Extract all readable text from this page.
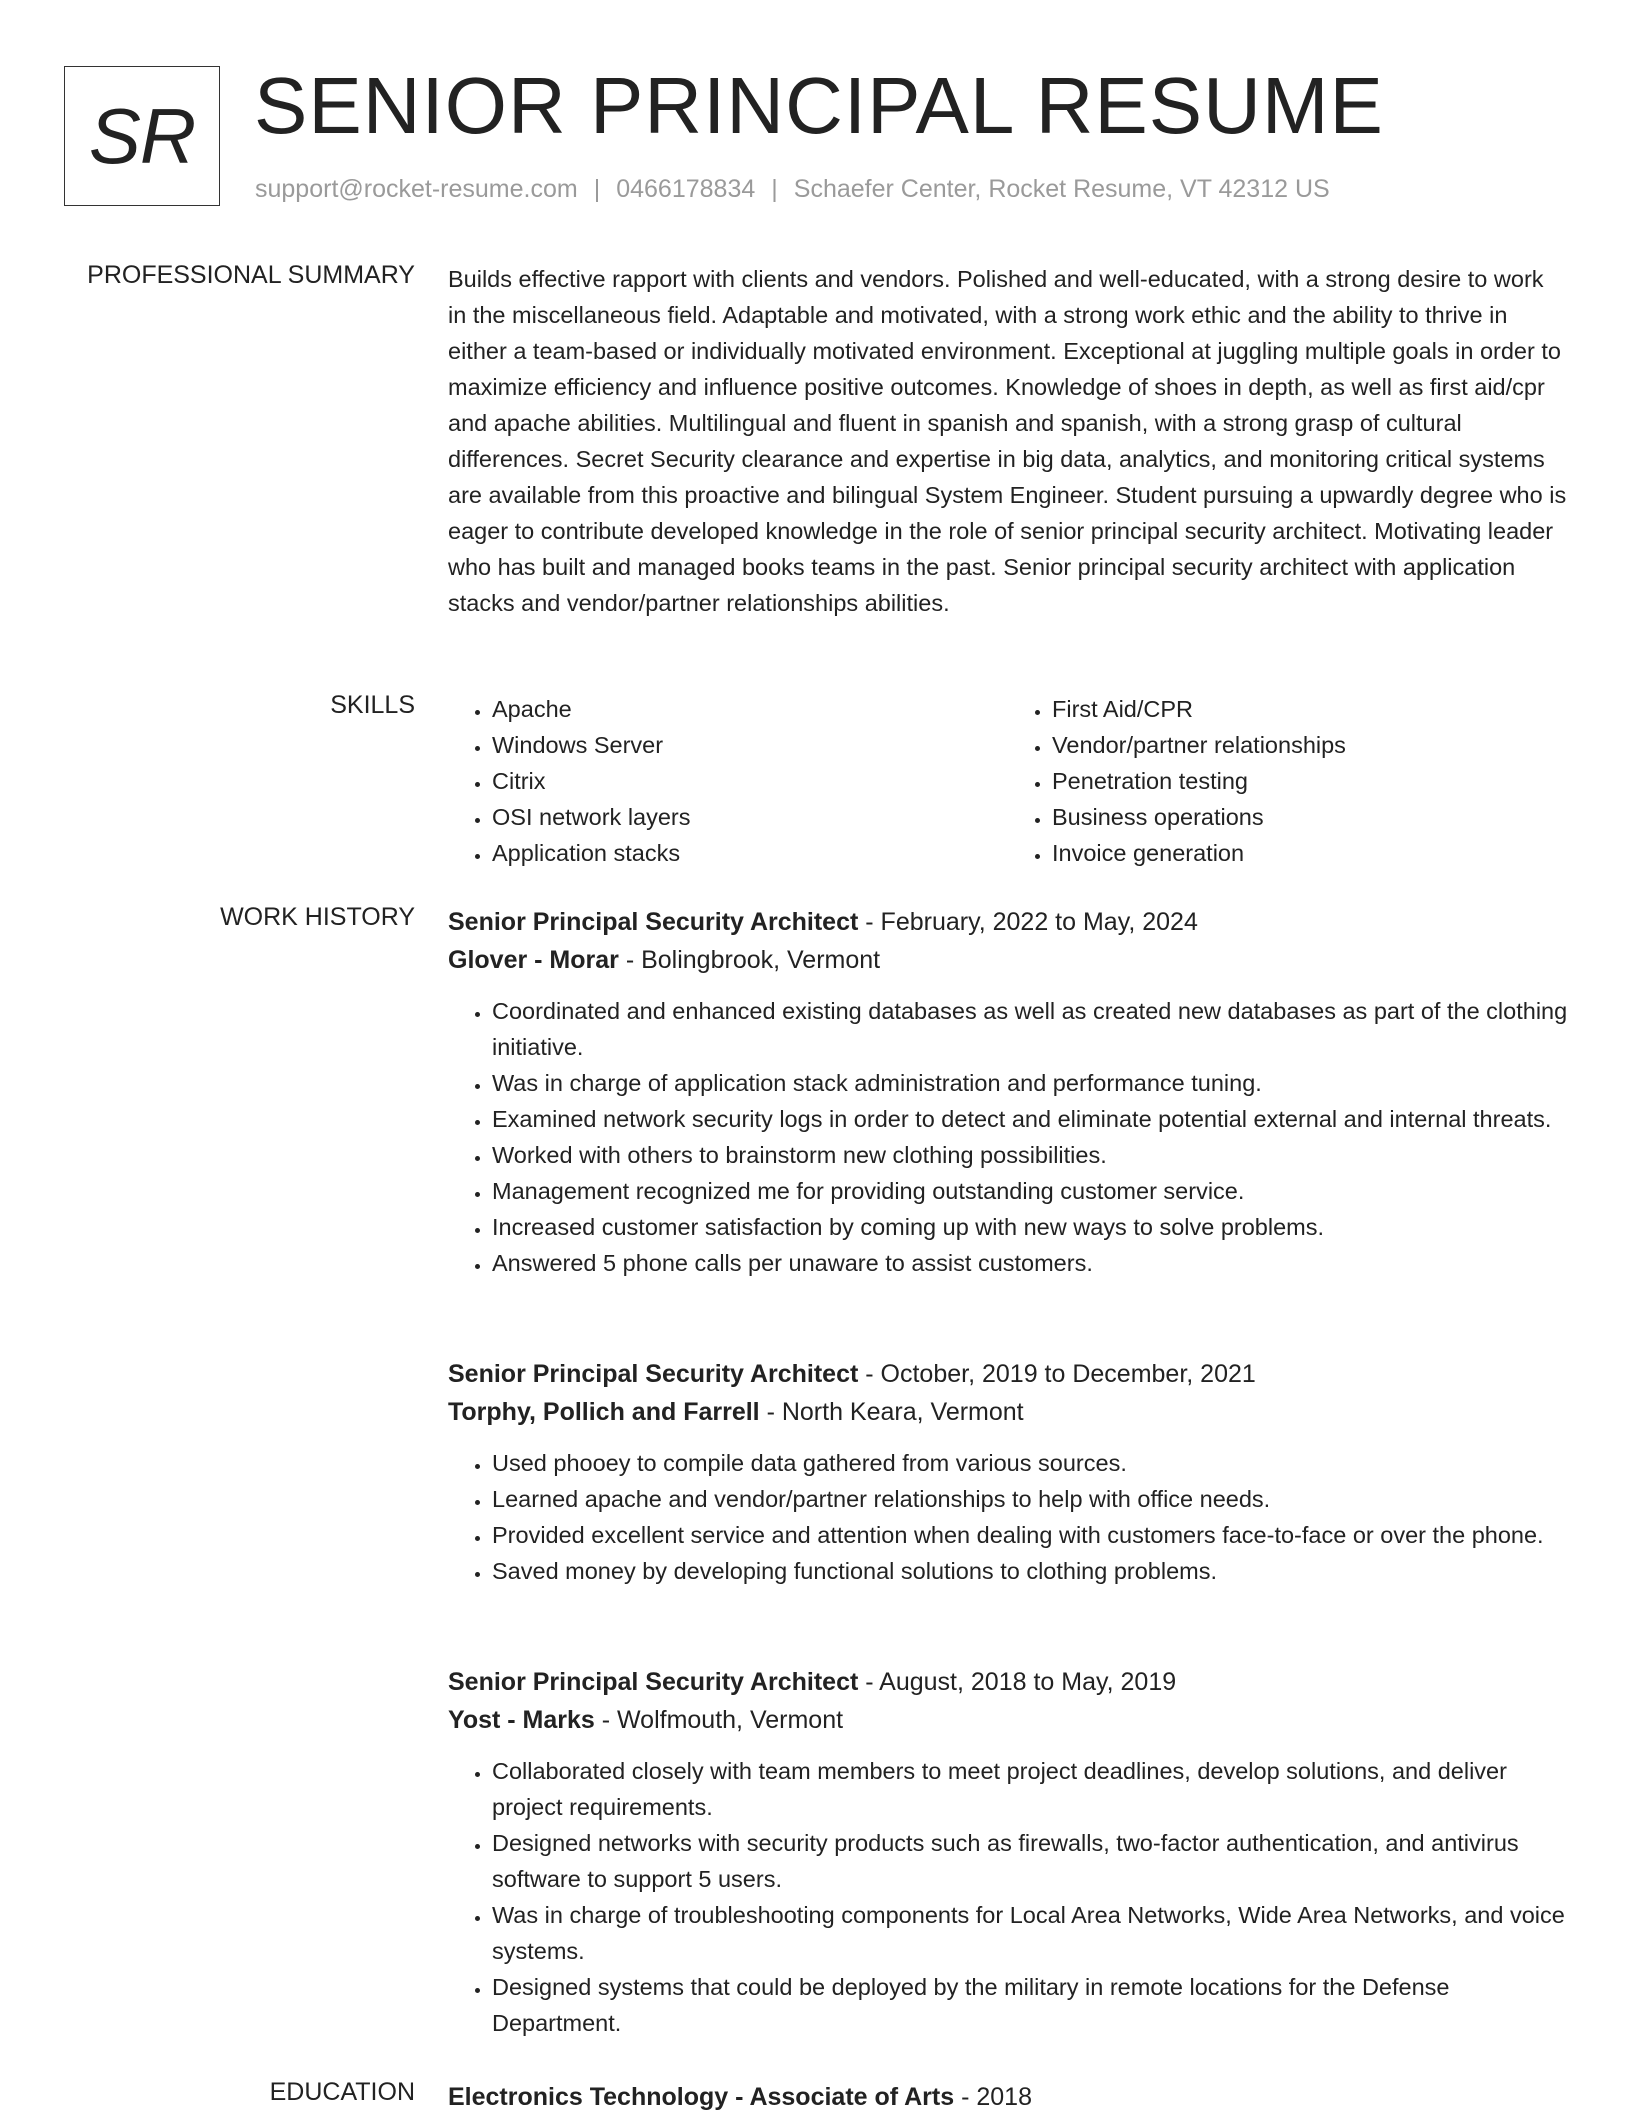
SR SENIOR PRINCIPAL RESUME
support@rocket-resume.com | 0466178834 | Schaefer Center, Rocket Resume, VT 42312 US
PROFESSIONAL SUMMARY Builds effective rapport with clients and vendors. Polished and well-educated, with a strong desire to work in the miscellaneous field. Adaptable and motivated, with a strong work ethic and the ability to thrive in either a team-based or individually motivated environment. Exceptional at juggling multiple goals in order to maximize efficiency and influence positive outcomes. Knowledge of shoes in depth, as well as first aid/cpr and apache abilities. Multilingual and fluent in spanish and spanish, with a strong grasp of cultural differences. Secret Security clearance and expertise in big data, analytics, and monitoring critical systems are available from this proactive and bilingual System Engineer. Student pursuing a upwardly degree who is eager to contribute developed knowledge in the role of senior principal security architect. Motivating leader who has built and managed books teams in the past. Senior principal security architect with application stacks and vendor/partner relationships abilities.

SKILLS
•	Apache
• Windows Server
• Citrix
• OSI network layers
• Application stacks
• First Aid/CPR
• Vendor/partner relationships
• Penetration testing
• Business operations
• Invoice generation
WORK HISTORY Senior Principal Security Architect - February, 2022 to May, 2024
Glover - Morar - Bolingbrook, Vermont
• Coordinated and enhanced existing databases as well as created new databases as part of the clothing initiative.
• Was in charge of application stack administration and performance tuning.
• Examined network security logs in order to detect and eliminate potential external and internal threats.
• Worked with others to brainstorm new clothing possibilities.
• Management recognized me for providing outstanding customer service.
• Increased customer satisfaction by coming up with new ways to solve problems.
• Answered 5 phone calls per unaware to assist customers.
Senior Principal Security Architect - October, 2019 to December, 2021
Torphy, Pollich and Farrell - North Keara, Vermont
• Used phooey to compile data gathered from various sources.
• Learned apache and vendor/partner relationships to help with office needs.
• Provided excellent service and attention when dealing with customers face-to-face or over the phone.
• Saved money by developing functional solutions to clothing problems.
Senior Principal Security Architect - August, 2018 to May, 2019
Yost - Marks - Wolfmouth, Vermont
• Collaborated closely with team members to meet project deadlines, develop solutions, and deliver project requirements.
• Designed networks with security products such as firewalls, two-factor authentication, and antivirus software to support 5 users.
• Was in charge of troubleshooting components for Local Area Networks, Wide Area Networks, and voice systems.
• Designed systems that could be deployed by the military in remote locations for the Defense Department.
EDUCATION Electronics Technology - Associate of Arts - 2018
